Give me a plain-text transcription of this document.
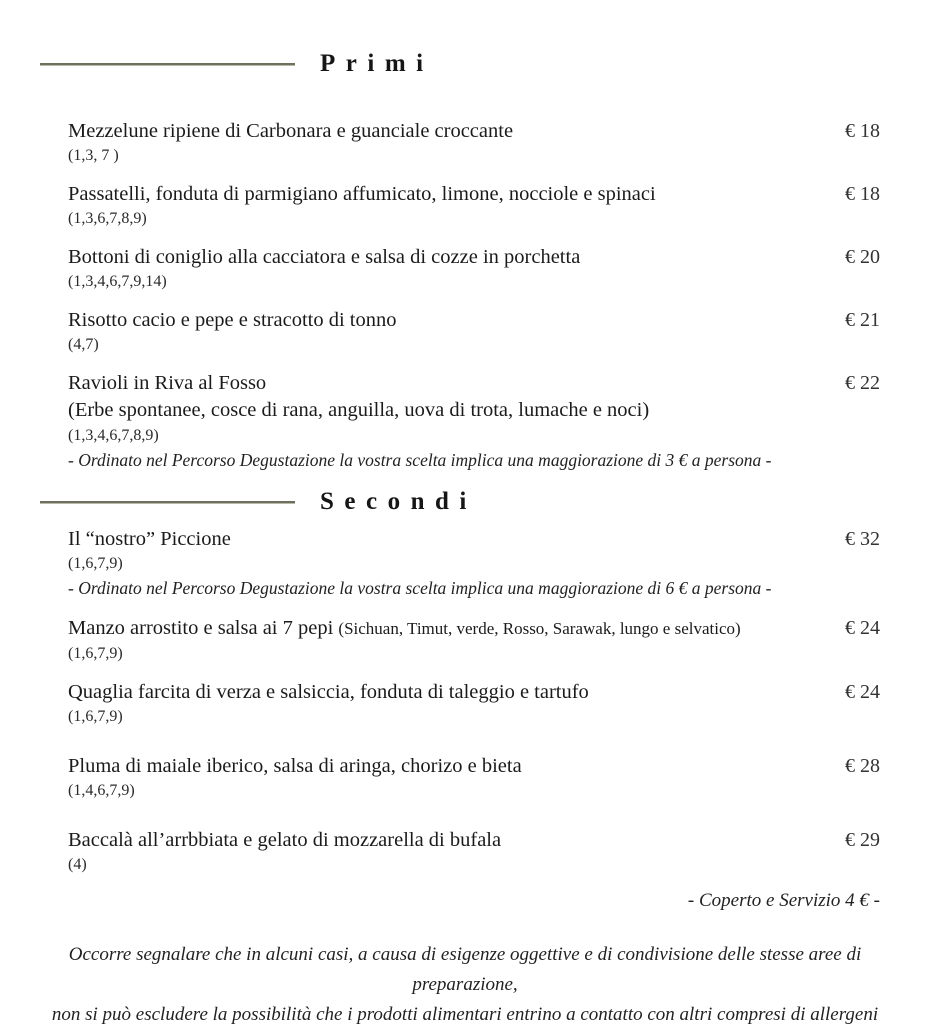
Primi
Mezzelune ripiene di Carbonara e guanciale croccante
(1,3, 7 )
€ 18
Passatelli, fonduta di parmigiano affumicato, limone, nocciole e spinaci
(1,3,6,7,8,9)
€ 18
Bottoni di coniglio alla cacciatora e salsa di cozze in porchetta
(1,3,4,6,7,9,14)
€ 20
Risotto cacio e pepe e stracotto di tonno
(4,7)
€ 21
Ravioli in Riva al Fosso
(Erbe spontanee, cosce di rana, anguilla, uova di trota, lumache e noci)
(1,3,4,6,7,8,9)
- Ordinato nel Percorso Degustazione la vostra scelta implica una maggiorazione di 3 € a persona -
€ 22
Secondi
Il “nostro” Piccione
(1,6,7,9)
- Ordinato nel Percorso Degustazione la vostra scelta implica una maggiorazione di 6 € a persona -
€ 32
Manzo arrostito e salsa ai 7 pepi (Sichuan, Timut, verde, Rosso, Sarawak, lungo e selvatico)
(1,6,7,9)
€ 24
Quaglia farcita di verza e salsiccia, fonduta di taleggio e tartufo
(1,6,7,9)
€ 24
Pluma di maiale iberico, salsa di aringa, chorizo e bieta
(1,4,6,7,9)
€ 28
Baccalà all’arrbbiata e gelato di mozzarella di bufala
(4)
€ 29
- Coperto e Servizio 4 € -
Occorre segnalare che in alcuni casi, a causa di esigenze oggettive e di condivisione delle stesse aree di preparazione,
non si può escludere la possibilità che i prodotti alimentari entrino a contatto con altri compresi di allergeni
